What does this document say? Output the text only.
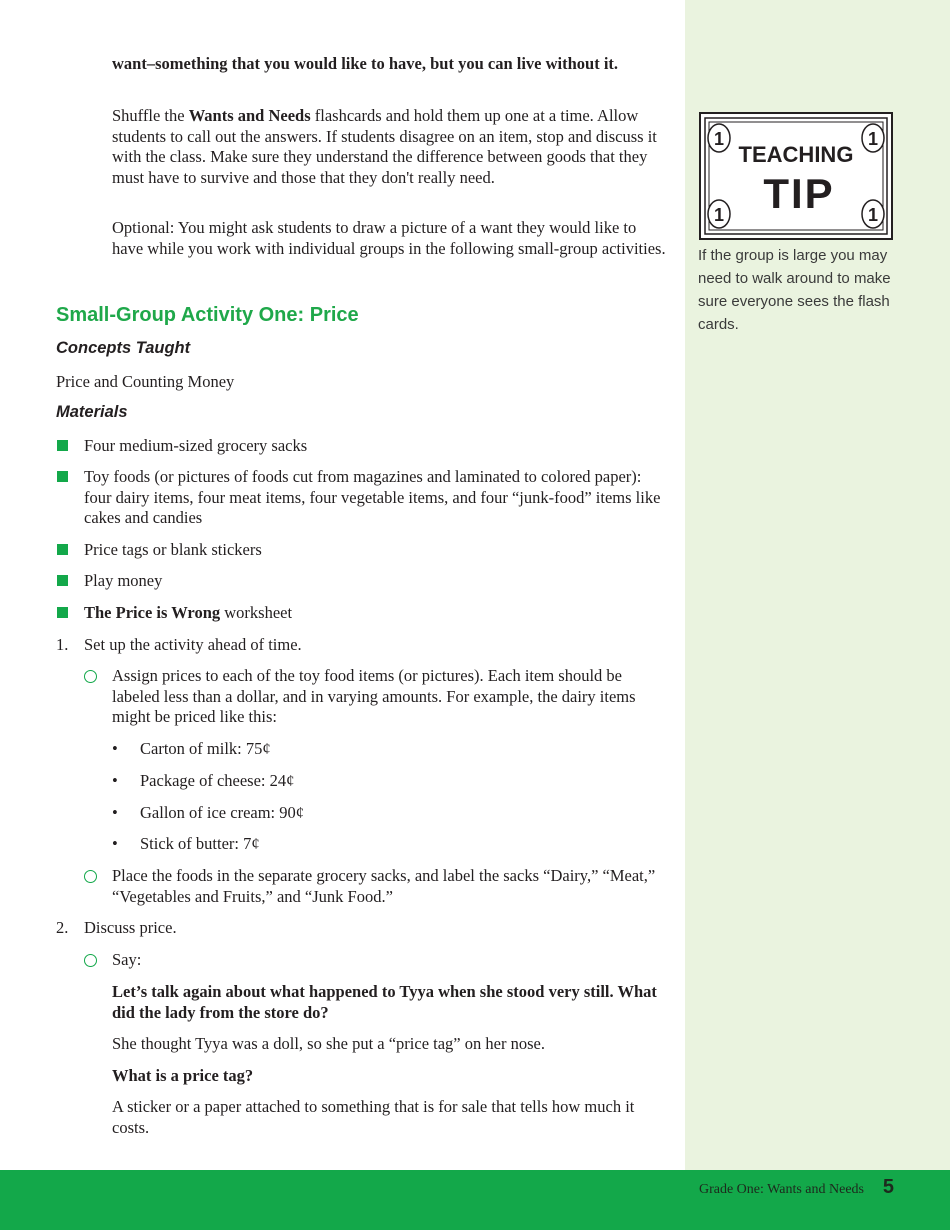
want–something that you would like to have, but you can live without it.

Shuffle the Wants and Needs flashcards and hold them up one at a time. Allow students to call out the answers. If students disagree on an item, stop and discuss it with the class. Make sure they understand the difference between goods that they must have to survive and those that they don't really need.

Optional: You might ask students to draw a picture of a want they would like to have while you work with individual groups in the following small-group activities.

Small-Group Activity One: Price
Concepts Taught
Price and Counting Money
Materials
Four medium-sized grocery sacks
Toy foods (or pictures of foods cut from magazines and laminated to colored paper): four dairy items, four meat items, four vegetable items, and four “junk-food” items like cakes and candies
Price tags or blank stickers
Play money
The Price is Wrong worksheet
1. Set up the activity ahead of time.
Assign prices to each of the toy food items (or pictures). Each item should be labeled less than a dollar, and in varying amounts. For example, the dairy items might be priced like this:
• Carton of milk: 75¢
• Package of cheese: 24¢
• Gallon of ice cream: 90¢
• Stick of butter: 7¢
Place the foods in the separate grocery sacks, and label the sacks “Dairy,” “Meat,” “Vegetables and Fruits,” and “Junk Food.”
2. Discuss price.
Say:
Let’s talk again about what happened to Tyya when she stood very still. What did the lady from the store do?
She thought Tyya was a doll, so she put a “price tag” on her nose.
What is a price tag?
A sticker or a paper attached to something that is for sale that tells how much it costs.
1	1
1	1
TEACHING
TIP
If the group is large you may need to walk around to make sure everyone sees the flash cards.
Grade One: Wants and Needs 5
